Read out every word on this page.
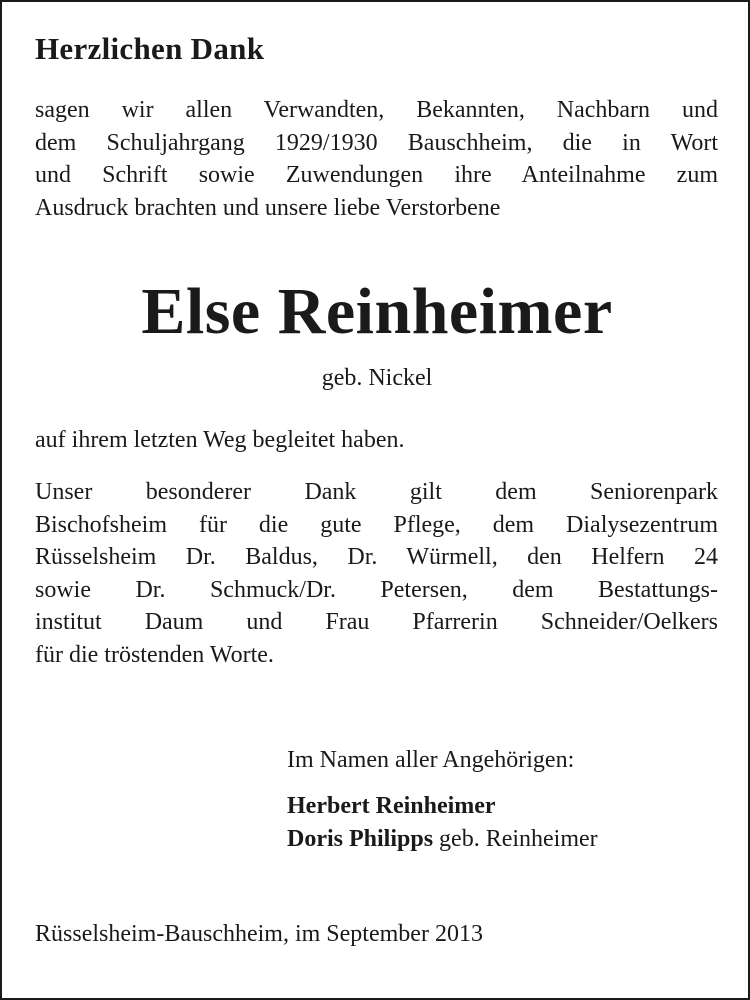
Herzlichen Dank

sagen wir allen Verwandten, Bekannten, Nachbarn und
dem Schuljahrgang 1929/1930 Bauschheim, die in Wort
und Schrift sowie Zuwendungen ihre Anteilnahme zum
Ausdruck brachten und unsere liebe Verstorbene

Else Reinheimer

geb. Nickel

auf ihrem letzten Weg begleitet haben.

Unser besonderer Dank gilt dem Seniorenpark
Bischofsheim für die gute Pflege, dem Dialysezentrum
Rüsselsheim Dr. Baldus, Dr. Würmell, den Helfern 24
sowie Dr. Schmuck/Dr. Petersen, dem Bestattungs-
institut Daum und Frau Pfarrerin Schneider/Oelkers
für die tröstenden Worte.

Im Namen aller Angehörigen:

Herbert Reinheimer
Doris Philipps geb. Reinheimer

Rüsselsheim-Bauschheim, im September 2013
